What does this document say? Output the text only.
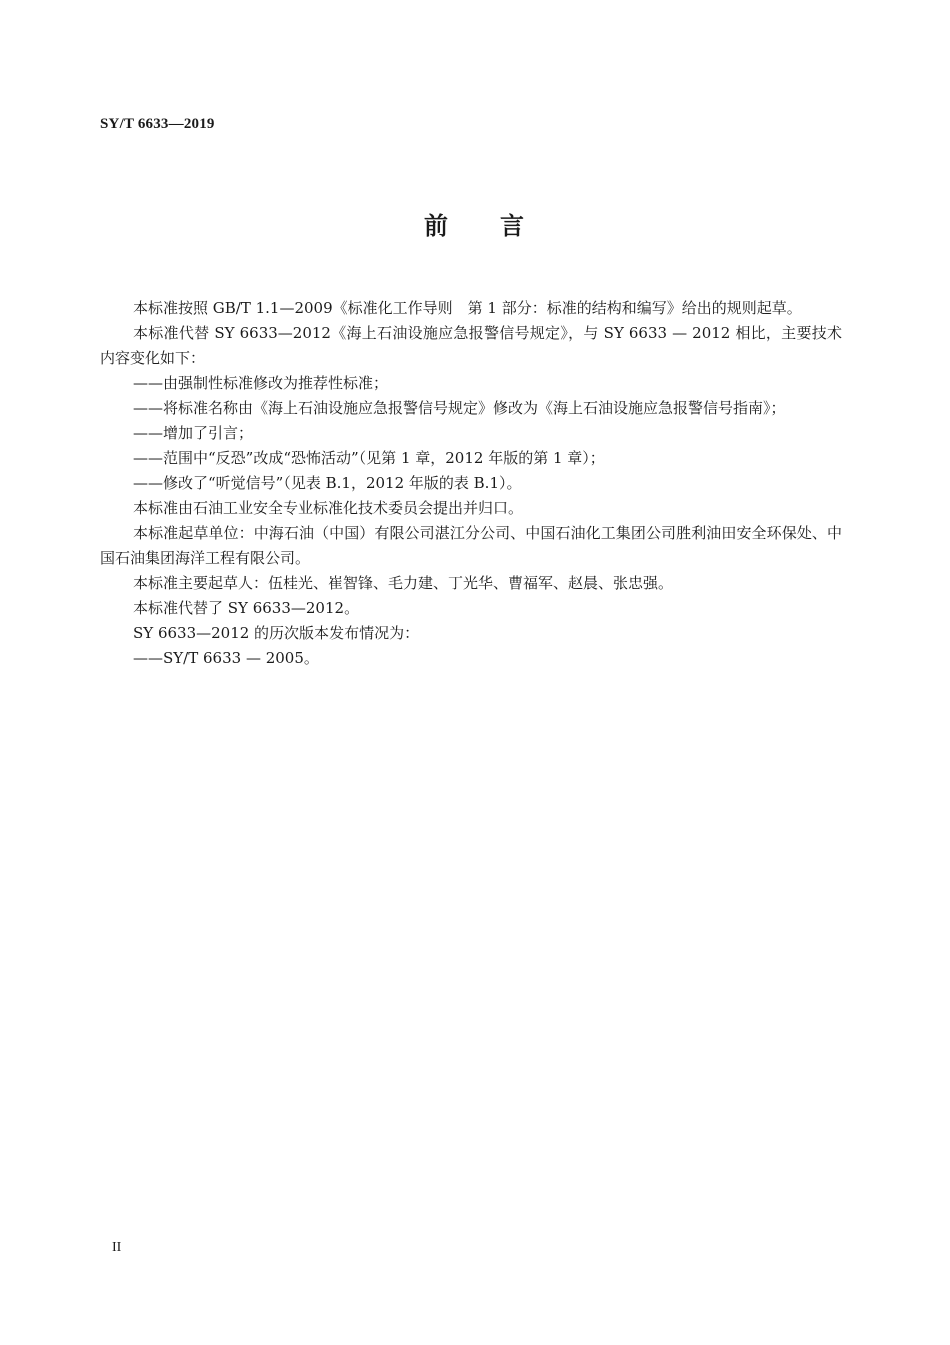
SY/T 6633—2019
前 言

本标准按照 GB/T 1.1—2009《标准化工作导则　第 1 部分：标准的结构和编写》给出的规则起草。

本标准代替 SY 6633—2012《海上石油设施应急报警信号规定》，与 SY 6633 — 2012 相比，主要技术内容变化如下：

——由强制性标准修改为推荐性标准；

——将标准名称由《海上石油设施应急报警信号规定》修改为《海上石油设施应急报警信号指南》；

——增加了引言；

——范围中“反恐”改成“恐怖活动”（见第 1 章，2012 年版的第 1 章）；

——修改了“听觉信号”（见表 B.1，2012 年版的表 B.1）。

本标准由石油工业安全专业标准化技术委员会提出并归口。

本标准起草单位：中海石油（中国）有限公司湛江分公司、中国石油化工集团公司胜利油田安全环保处、中国石油集团海洋工程有限公司。

本标准主要起草人：伍桂光、崔智锋、毛力建、丁光华、曹福军、赵晨、张忠强。

本标准代替了 SY 6633—2012。

SY 6633—2012 的历次版本发布情况为：

——SY/T 6633 — 2005。

II
